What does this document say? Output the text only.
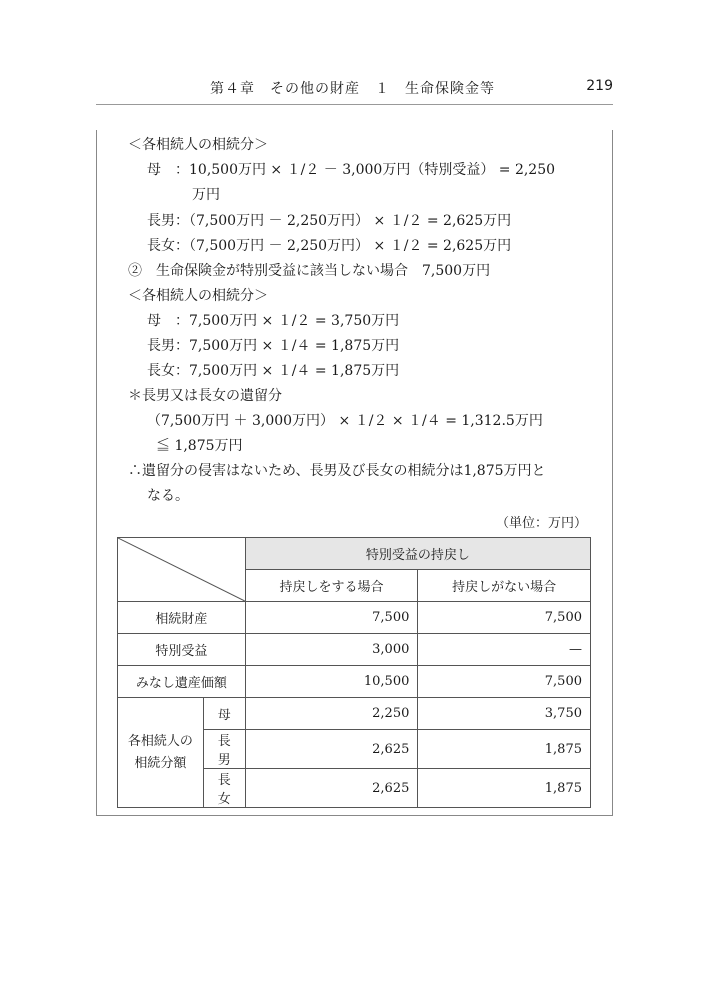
第４章　その他の財産　１　生命保険金等	219
＜各相続人の相続分＞
母　：10,500万円 × １/２ － 3,000万円（特別受益） = 2,250
万円
長男：（7,500万円 － 2,250万円） × １/２ = 2,625万円
長女：（7,500万円 － 2,250万円） × １/２ = 2,625万円
②　生命保険金が特別受益に該当しない場合　7,500万円
＜各相続人の相続分＞
母　：7,500万円 × １/２ = 3,750万円
長男：7,500万円 × １/４ = 1,875万円
長女：7,500万円 × １/４ = 1,875万円
＊長男又は長女の遺留分
（7,500万円 ＋ 3,000万円） × １/２ × １/４ = 1,312.5万円
≦ 1,875万円
∴遺留分の侵害はないため、長男及び長女の相続分は1,875万円と
なる。
（単位：万円）
	特別受益の持戻し	
		持戻しをする場合	持戻しがない場合
相続財産		7,500	7,500
特別受益		3,000	—
みなし遺産価額		10,500	7,500
各相続人の
相続分額	母	2,250	3,750
	長男	2,625	1,875
	長女	2,625	1,875
